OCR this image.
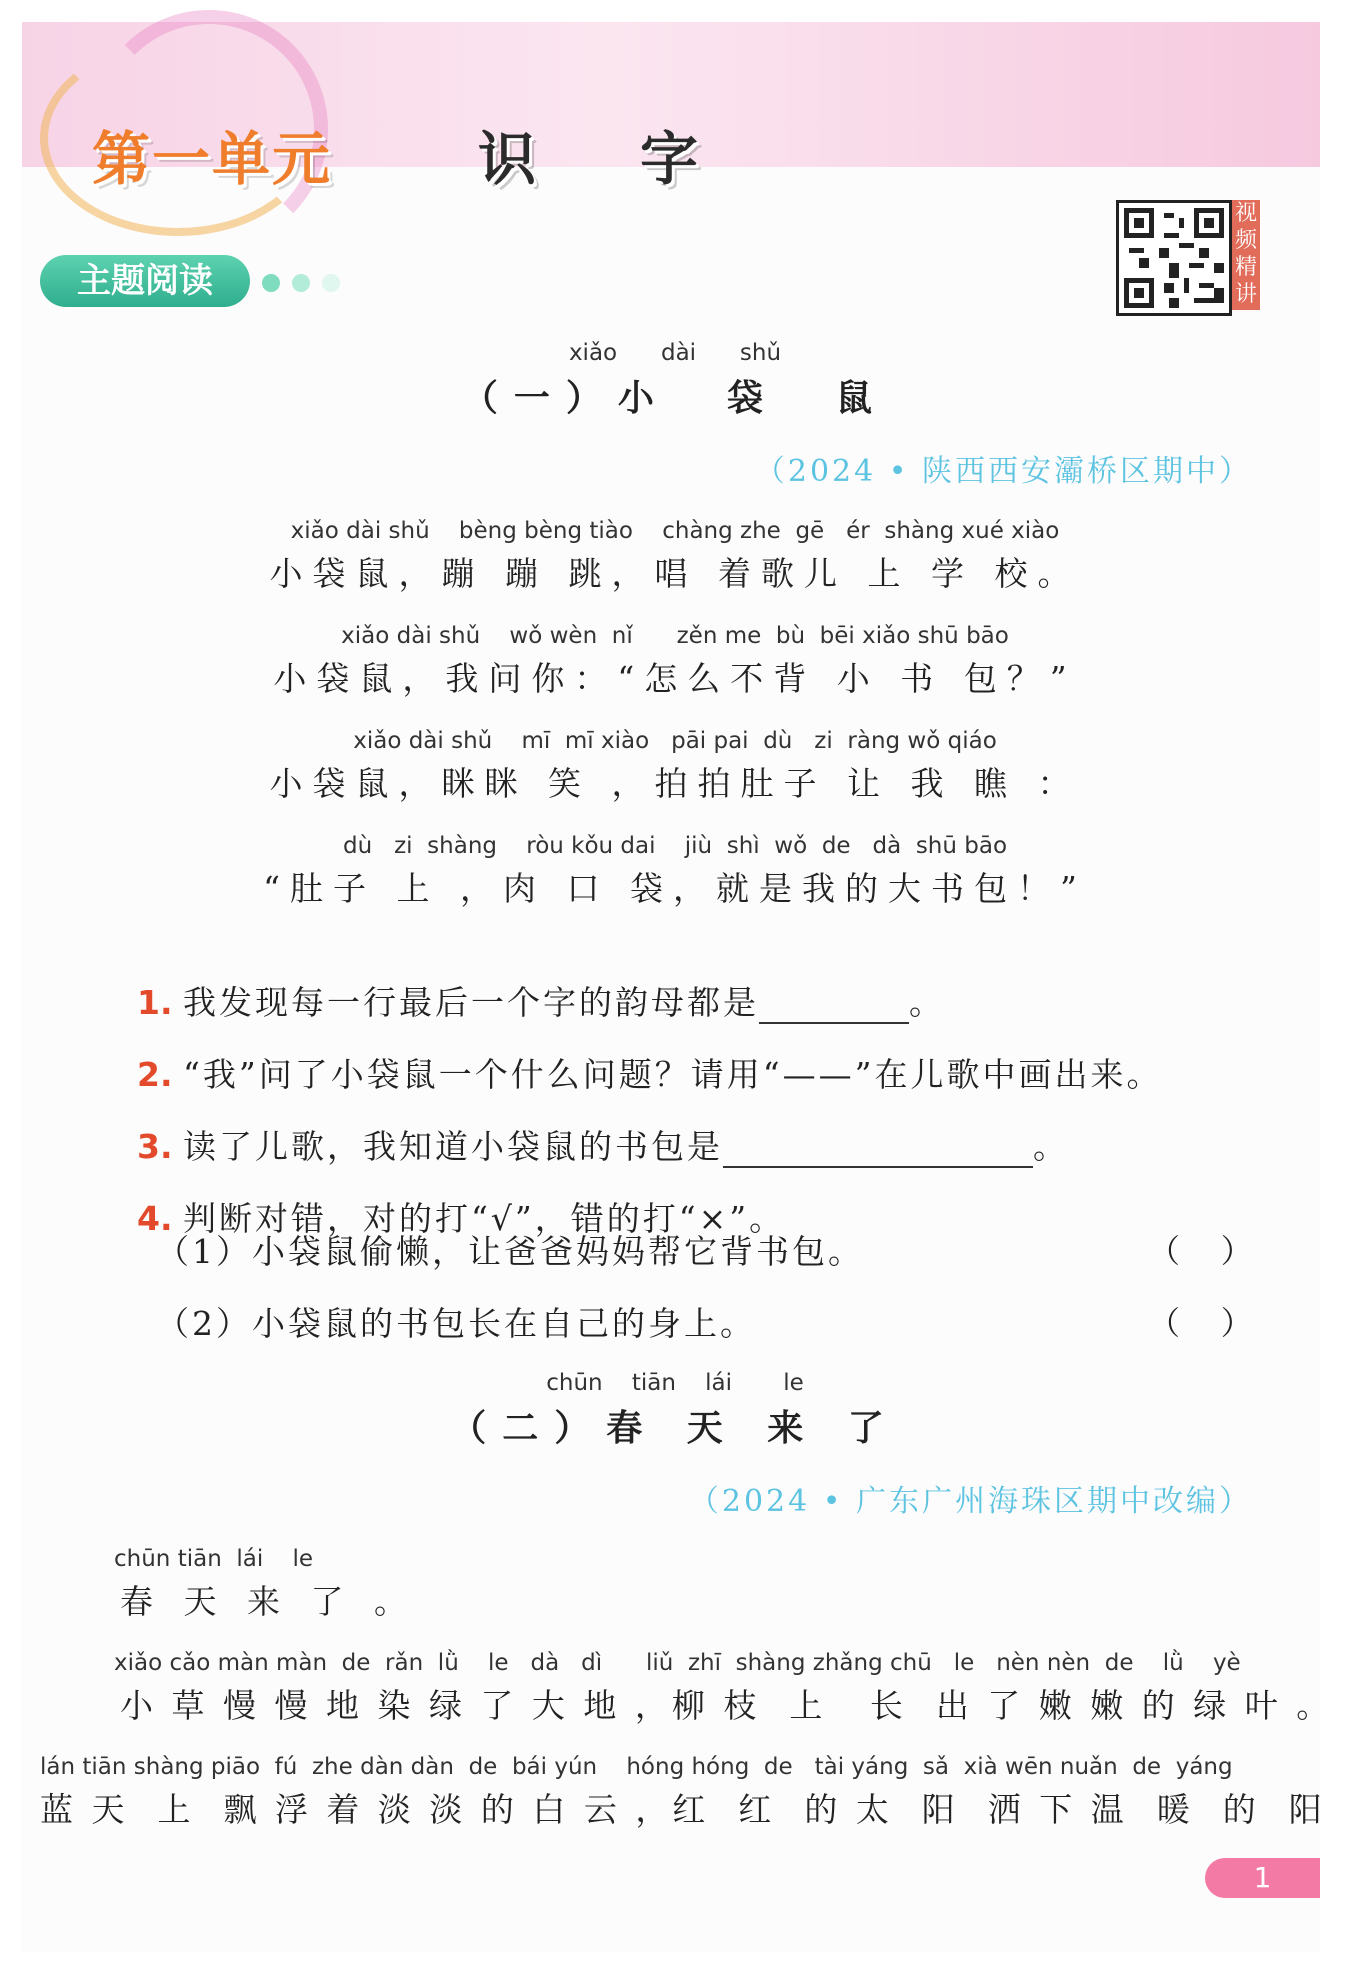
第一单元	识 字
视频精讲
主题阅读
xiǎo      dài      shǔ
（一）小  袋  鼠
（2024 • 陕西西安灞桥区期中）
xiǎo dài shǔ    bèng bèng tiào    chàng zhe  gē   ér  shàng xué xiào
小袋鼠，蹦 蹦 跳，唱 着歌儿 上 学 校。
xiǎo dài shǔ    wǒ wèn  nǐ      zěn me  bù  bēi xiǎo shū bāo
小袋鼠，我问你：“怎么不背 小 书 包？”
xiǎo dài shǔ    mī  mī xiào   pāi pai  dù   zi  ràng wǒ qiáo
小袋鼠，眯眯 笑 ，拍拍肚子 让 我 瞧 ：
dù   zi  shàng    ròu kǒu dai    jiù  shì  wǒ  de   dà  shū bāo
“肚子 上 ，肉 口 袋，就是我的大书包！”

1. 我发现每一行最后一个字的韵母都是	。

2. “我”问了小袋鼠一个什么问题？请用“——”在儿歌中画出来。

3. 读了儿歌，我知道小袋鼠的书包是	。

4. 判断对错，对的打“√”，错的打“×”。

（1）小袋鼠偷懒，让爸爸妈妈帮它背书包。	（    ）
（2）小袋鼠的书包长在自己的身上。	（    ）
chūn    tiān    lái       le
（二）春 天 来 了
（2024 • 广东广州海珠区期中改编）
chūn tiān  lái    le
春 天 来 了 。
xiǎo cǎo màn màn  de  rǎn  lǜ    le   dà   dì      liǔ  zhī  shàng zhǎng chū   le   nèn nèn  de    lǜ    yè
小 草 慢 慢 地 染 绿 了 大 地 ，柳 枝  上   长  出 了 嫩 嫩 的 绿 叶 。
lán tiān shàng piāo  fú  zhe dàn dàn  de  bái yún    hóng hóng  de   tài yáng  sǎ  xià wēn nuǎn  de  yáng
蓝 天  上  飘 浮 着 淡 淡 的 白 云 ，红  红  的 太  阳  洒 下 温  暖  的  阳
1
